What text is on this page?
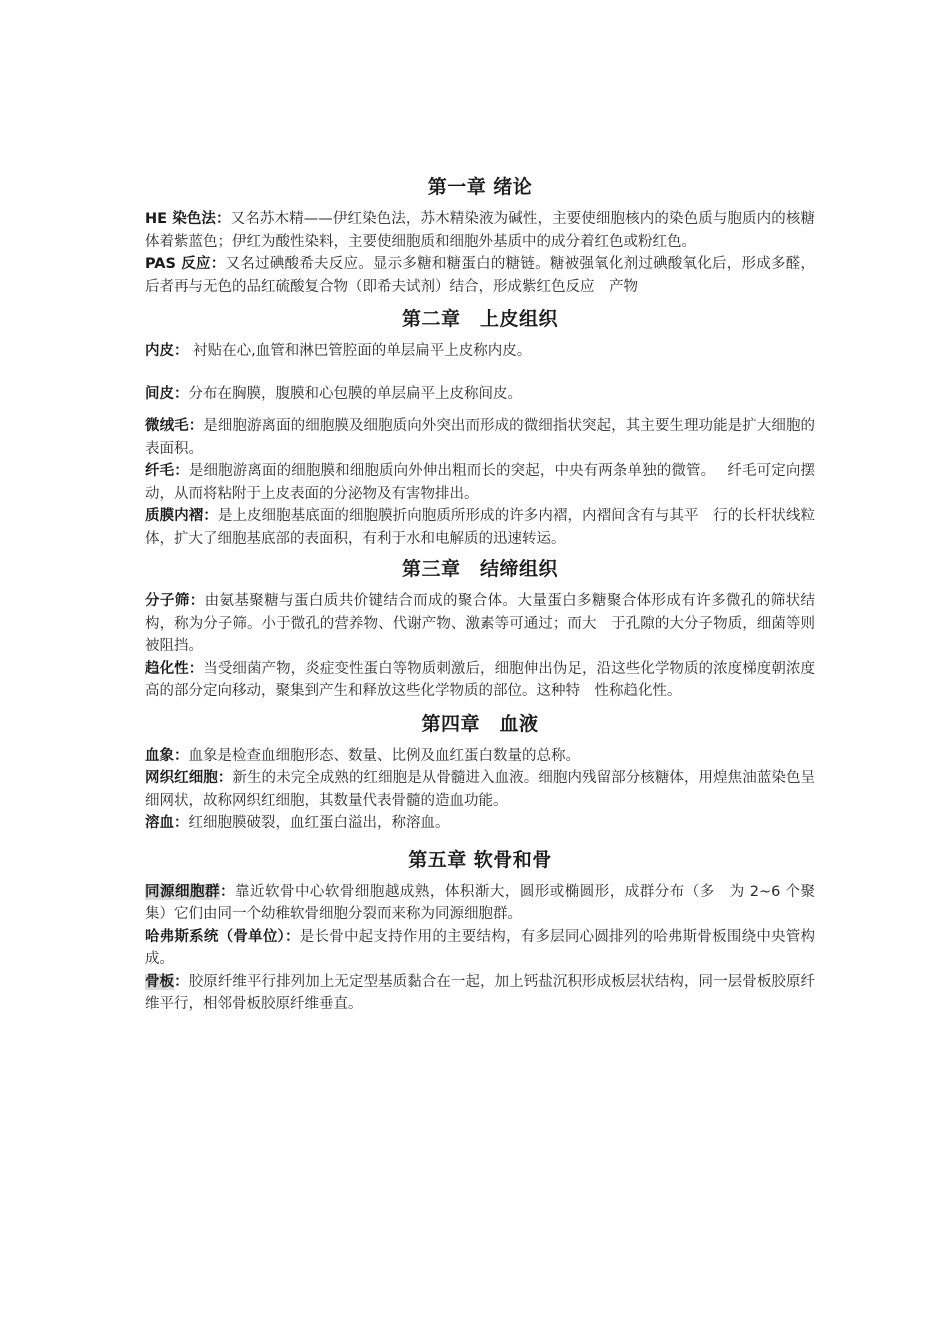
第一章 绪论

HE 染色法：又名苏木精——伊红染色法，苏木精染液为碱性，主要使细胞核内的染色质与胞质内的核糖体着紫蓝色；伊红为酸性染料，主要使细胞质和细胞外基质中的成分着红色或粉红色。

PAS 反应：又名过碘酸希夫反应。显示多糖和糖蛋白的糖链。糖被强氧化剂过碘酸氧化后，形成多醛，后者再与无色的品红硫酸复合物（即希夫试剂）结合，形成紫红色反应　产物

第二章　上皮组织

内皮： 衬贴在心,血管和淋巴管腔面的单层扁平上皮称内皮。

间皮：分布在胸膜，腹膜和心包膜的单层扁平上皮称间皮。

微绒毛：是细胞游离面的细胞膜及细胞质向外突出而形成的微细指状突起，其主要生理功能是扩大细胞的表面积。

纤毛：是细胞游离面的细胞膜和细胞质向外伸出粗而长的突起，中央有两条单独的微管。　 纤毛可定向摆动，从而将粘附于上皮表面的分泌物及有害物排出。

质膜内褶：是上皮细胞基底面的细胞膜折向胞质所形成的许多内褶，内褶间含有与其平　行的长杆状线粒体，扩大了细胞基底部的表面积，有利于水和电解质的迅速转运。

第三章　结缔组织

分子筛：由氨基聚糖与蛋白质共价键结合而成的聚合体。大量蛋白多糖聚合体形成有许多微孔的筛状结构，称为分子筛。小于微孔的营养物、代谢产物、激素等可通过；而大　于孔隙的大分子物质，细菌等则被阻挡。

趋化性：当受细菌产物，炎症变性蛋白等物质刺激后，细胞伸出伪足，沿这些化学物质的浓度梯度朝浓度高的部分定向移动，聚集到产生和释放这些化学物质的部位。这种特　性称趋化性。

第四章　血液

血象：血象是检查血细胞形态、数量、比例及血红蛋白数量的总称。

网织红细胞：新生的未完全成熟的红细胞是从骨髓进入血液。细胞内残留部分核糖体，用煌焦油蓝染色呈细网状，故称网织红细胞，其数量代表骨髓的造血功能。

溶血：红细胞膜破裂，血红蛋白溢出，称溶血。

第五章 软骨和骨

同源细胞群：靠近软骨中心软骨细胞越成熟，体积渐大，圆形或椭圆形，成群分布（多　为 2~6 个聚集）它们由同一个幼稚软骨细胞分裂而来称为同源细胞群。

哈弗斯系统（骨单位）：是长骨中起支持作用的主要结构，有多层同心圆排列的哈弗斯骨板围绕中央管构成。

骨板：胶原纤维平行排列加上无定型基质黏合在一起，加上钙盐沉积形成板层状结构，同一层骨板胶原纤维平行，相邻骨板胶原纤维垂直。
